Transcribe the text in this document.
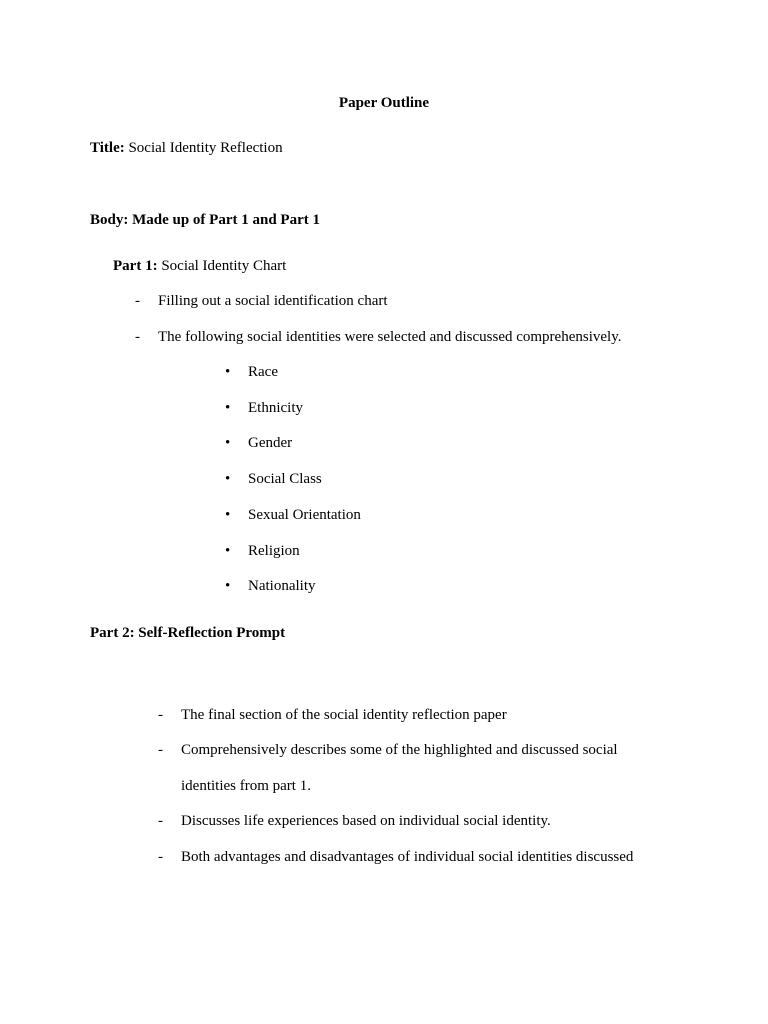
Paper Outline
Title: Social Identity Reflection
Body: Made up of Part 1 and Part 1
Part 1: Social Identity Chart
- Filling out a social identification chart
- The following social identities were selected and discussed comprehensively.
• Race
• Ethnicity
• Gender
• Social Class
• Sexual Orientation
• Religion
• Nationality
Part 2: Self-Reflection Prompt
- The final section of the social identity reflection paper
- Comprehensively describes some of the highlighted and discussed social
identities from part 1.
- Discusses life experiences based on individual social identity.
- Both advantages and disadvantages of individual social identities discussed
